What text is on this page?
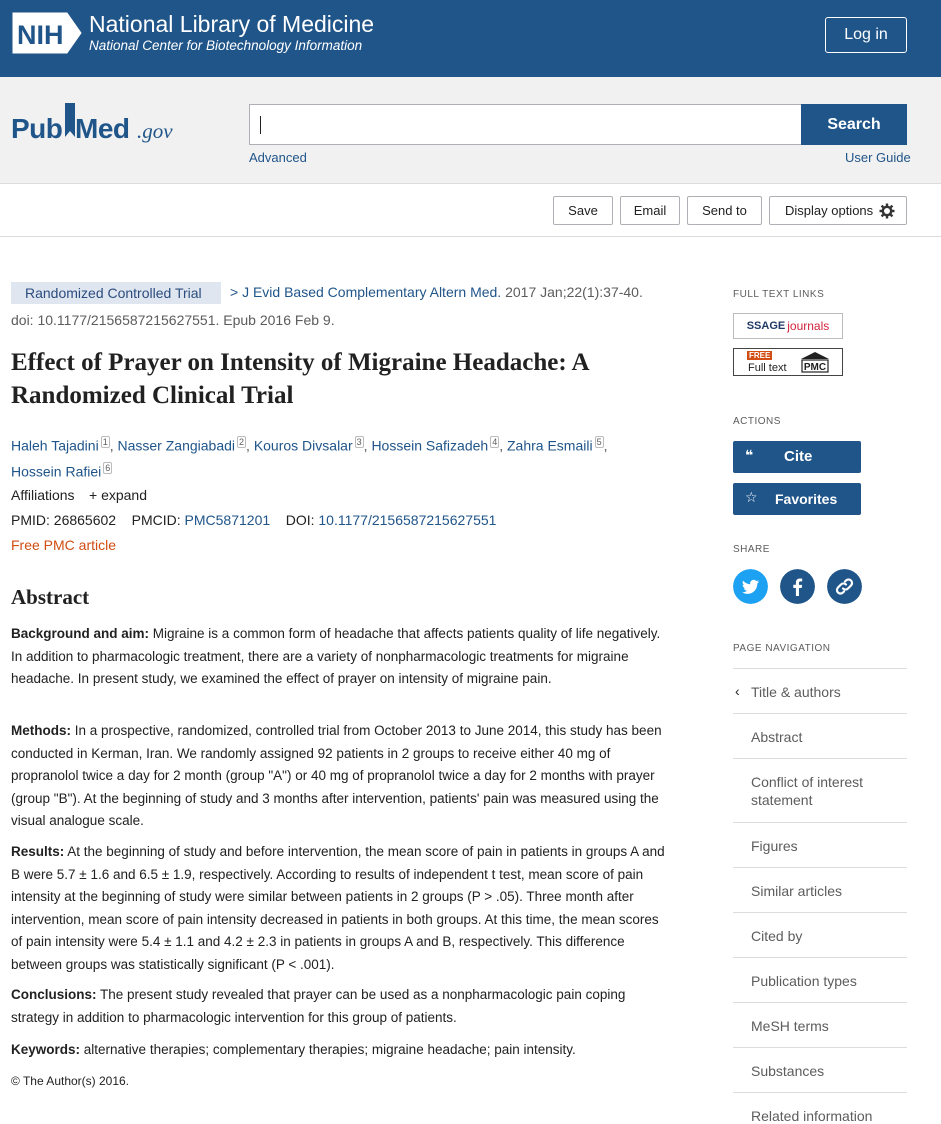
NIH National Library of Medicine
National Center for Biotechnology Information
Log in
Pub Med .gov	Search
Advanced	User Guide
Save	Email	Send to	Display options
Randomized Controlled Trial	> J Evid Based Complementary Altern Med. 2017 Jan;22(1):37-40.
doi: 10.1177/2156587215627551. Epub 2016 Feb 9.
Effect of Prayer on Intensity of Migraine Headache: A Randomized Clinical Trial
Haleh Tajadini $^1$ , Nasser Zangiabadi $^2$ , Kouros Divsalar $^3$ , Hossein Safizadeh $^4$ , Zahra Esmaili $^5$ ,
Hossein Rafiei $^6$
Affiliations + expand
PMID: 26865602 PMCID: PMC5871201 DOI: 10.1177/2156587215627551
Free PMC article
Abstract

Background and aim: Migraine is a common form of headache that affects patients quality of life negatively. In addition to pharmacologic treatment, there are a variety of nonpharmacologic treatments for migraine headache. In present study, we examined the effect of prayer on intensity of migraine pain.

Methods: In a prospective, randomized, controlled trial from October 2013 to June 2014, this study has been conducted in Kerman, Iran. We randomly assigned 92 patients in 2 groups to receive either 40 mg of propranolol twice a day for 2 month (group "A") or 40 mg of propranolol twice a day for 2 months with prayer (group "B"). At the beginning of study and 3 months after intervention, patients' pain was measured using the visual analogue scale.

Results: At the beginning of study and before intervention, the mean score of pain in patients in groups A and B were 5.7 ± 1.6 and 6.5 ± 1.9, respectively. According to results of independent t test, mean score of pain intensity at the beginning of study were similar between patients in 2 groups (P > .05). Three month after intervention, mean score of pain intensity decreased in patients in both groups. At this time, the mean scores of pain intensity were 5.4 ± 1.1 and 4.2 ± 2.3 in patients in groups A and B, respectively. This difference between groups was statistically significant (P < .001).

Conclusions: The present study revealed that prayer can be used as a nonpharmacologic pain coping strategy in addition to pharmacologic intervention for this group of patients.

Keywords: alternative therapies; complementary therapies; migraine headache; pain intensity.

© The Author(s) 2016.
FULL TEXT LINKS
SSAGE journals
FREE
Full text PMC
ACTIONS
❝ Cite
☆ Favorites
SHARE
PAGE NAVIGATION
‹ Title & authors
Abstract
Conflict of interest statement
Figures
Similar articles
Cited by
Publication types
MeSH terms
Substances
Related information
